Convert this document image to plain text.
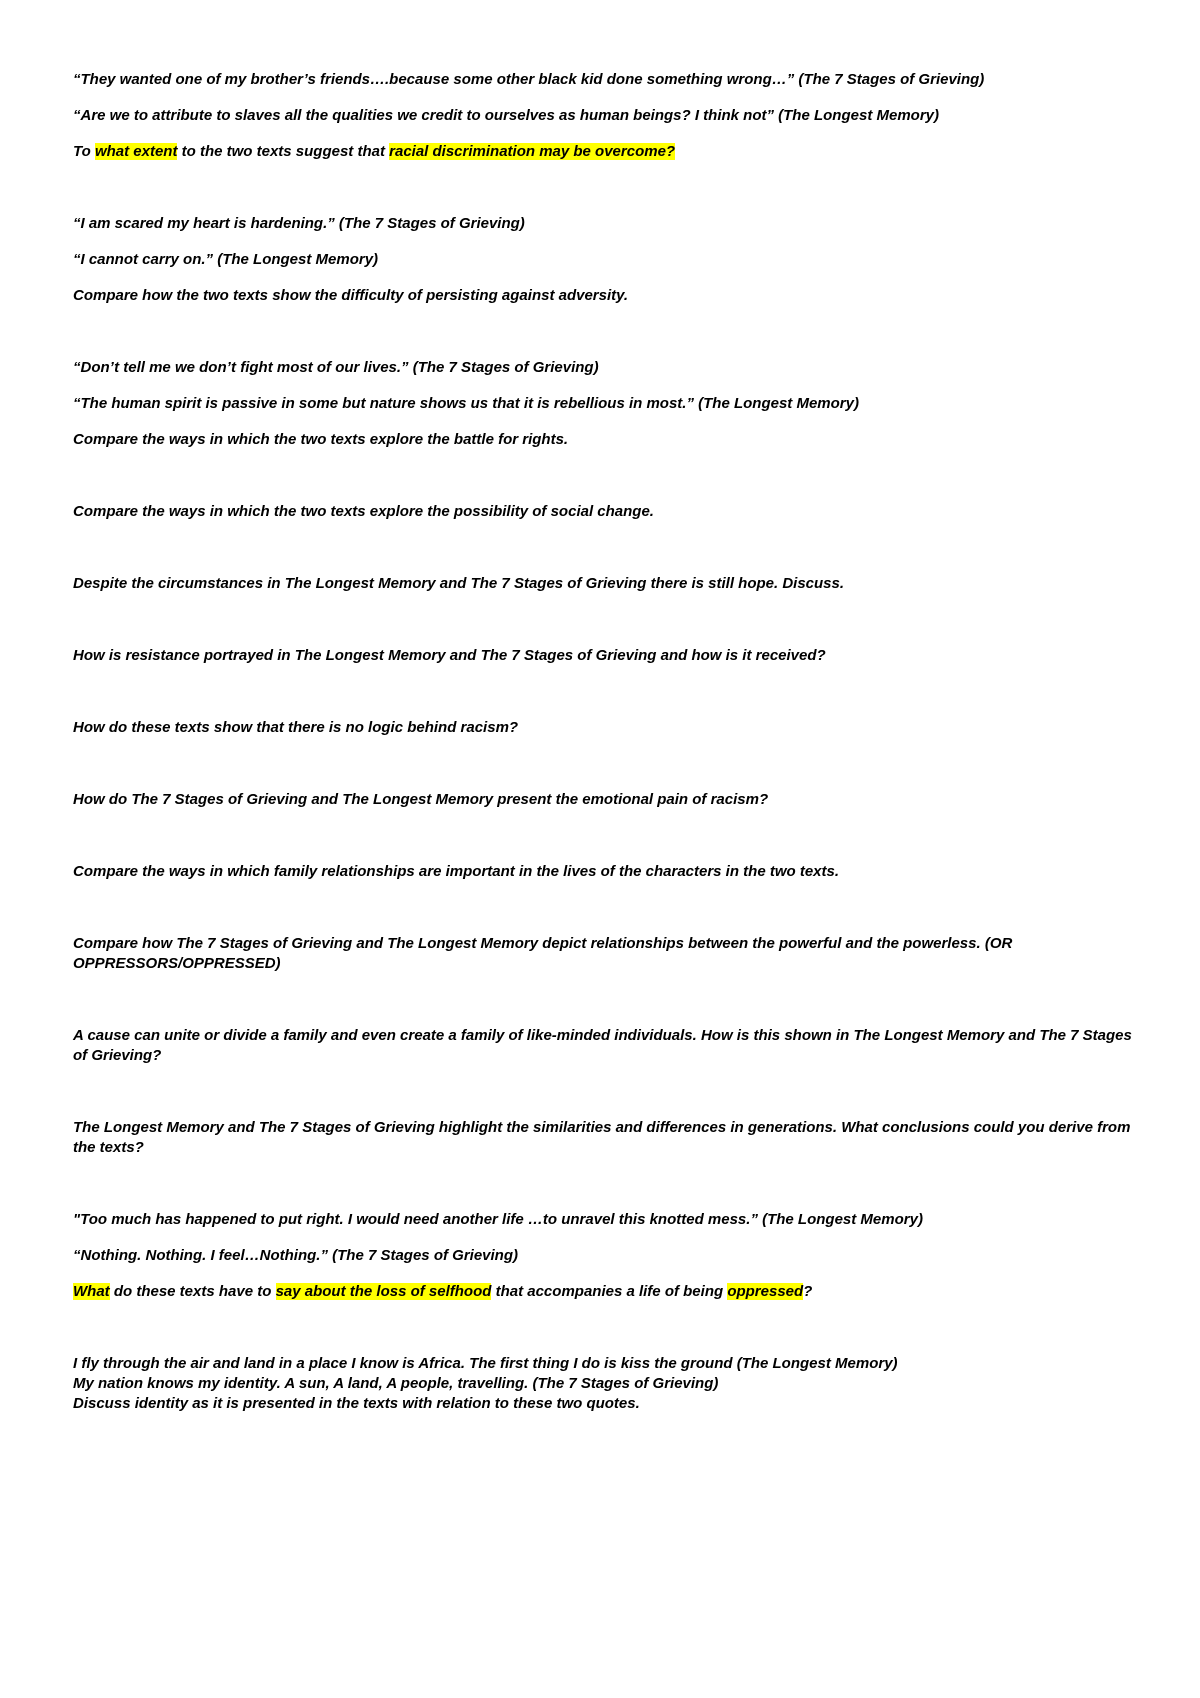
“They wanted one of my brother’s friends….because some other black kid done something wrong…” (The 7 Stages of Grieving)

“Are we to attribute to slaves all the qualities we credit to ourselves as human beings? I think not” (The Longest Memory)

To what extent to the two texts suggest that racial discrimination may be overcome?

“I am scared my heart is hardening.” (The 7 Stages of Grieving)

“I cannot carry on.” (The Longest Memory)

Compare how the two texts show the difficulty of persisting against adversity.

“Don’t tell me we don’t fight most of our lives.” (The 7 Stages of Grieving)

“The human spirit is passive in some but nature shows us that it is rebellious in most.” (The Longest Memory)

Compare the ways in which the two texts explore the battle for rights.

Compare the ways in which the two texts explore the possibility of social change.

Despite the circumstances in The Longest Memory and The 7 Stages of Grieving there is still hope. Discuss.

How is resistance portrayed in The Longest Memory and The 7 Stages of Grieving and how is it received?

How do these texts show that there is no logic behind racism?

How do The 7 Stages of Grieving and The Longest Memory present the emotional pain of racism?

Compare the ways in which family relationships are important in the lives of the characters in the two texts.

Compare how The 7 Stages of Grieving and The Longest Memory depict relationships between the powerful and the powerless. (OR OPPRESSORS/OPPRESSED)

A cause can unite or divide a family and even create a family of like-minded individuals. How is this shown in The Longest Memory and The 7 Stages of Grieving?

The Longest Memory and The 7 Stages of Grieving highlight the similarities and differences in generations. What conclusions could you derive from the texts?

"Too much has happened to put right. I would need another life …to unravel this knotted mess.” (The Longest Memory)

“Nothing. Nothing. I feel…Nothing.” (The 7 Stages of Grieving)

What do these texts have to say about the loss of selfhood that accompanies a life of being oppressed?

I fly through the air and land in a place I know is Africa. The first thing I do is kiss the ground (The Longest Memory)

My nation knows my identity. A sun, A land, A people, travelling. (The 7 Stages of Grieving)

Discuss identity as it is presented in the texts with relation to these two quotes.
